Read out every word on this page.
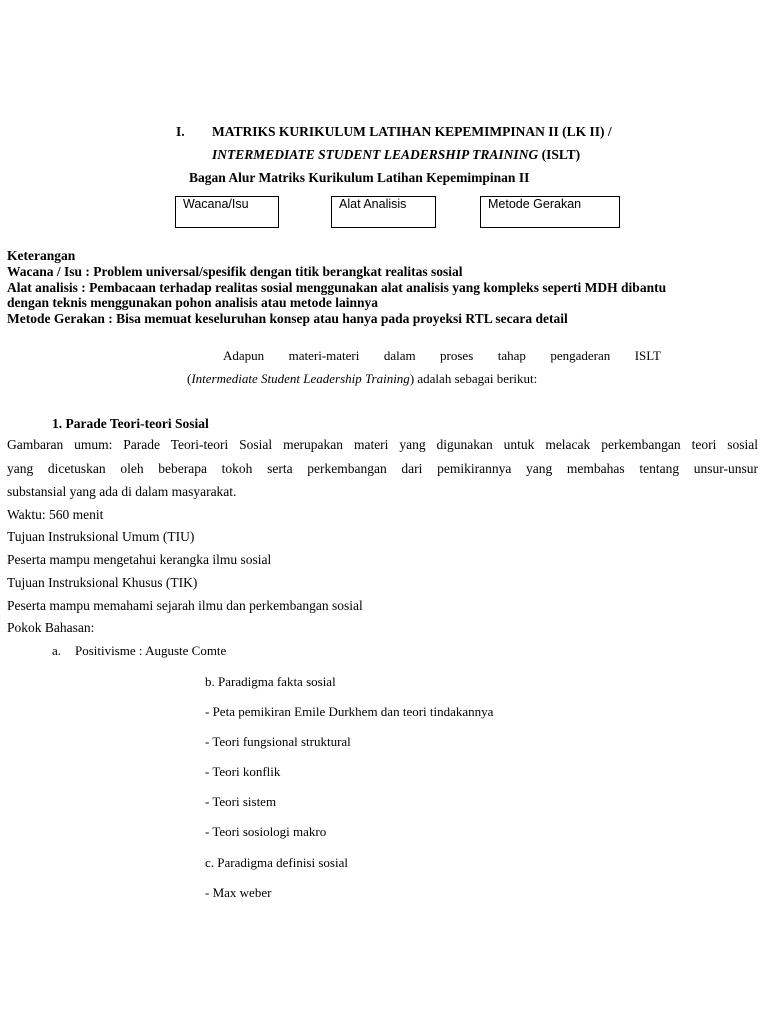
I. MATRIKS KURIKULUM LATIHAN KEPEMIMPINAN II (LK II) /
INTERMEDIATE STUDENT LEADERSHIP TRAINING (ISLT)
Bagan Alur Matriks Kurikulum Latihan Kepemimpinan II
Wacana/Isu	Alat Analisis	Metode Gerakan
Keterangan
Wacana / Isu : Problem universal/spesifik dengan titik berangkat realitas sosial
Alat analisis : Pembacaan terhadap realitas sosial menggunakan alat analisis yang kompleks seperti MDH dibantu
dengan teknis menggunakan pohon analisis atau metode lainnya
Metode Gerakan : Bisa memuat keseluruhan konsep atau hanya pada proyeksi RTL secara detail
Adapun materi-materi dalam proses tahap pengaderan ISLT
(Intermediate Student Leadership Training) adalah sebagai berikut:
1. Parade Teori-teori Sosial
Gambaran umum: Parade Teori-teori Sosial merupakan materi yang digunakan untuk melacak perkembangan teori sosial
yang dicetuskan oleh beberapa tokoh serta perkembangan dari pemikirannya yang membahas tentang unsur-unsur
substansial yang ada di dalam masyarakat.
Waktu: 560 menit
Tujuan Instruksional Umum (TIU)
Peserta mampu mengetahui kerangka ilmu sosial
Tujuan Instruksional Khusus (TIK)
Peserta mampu memahami sejarah ilmu dan perkembangan sosial
Pokok Bahasan:
a. Positivisme : Auguste Comte
b. Paradigma fakta sosial
- Peta pemikiran Emile Durkhem dan teori tindakannya
- Teori fungsional struktural
- Teori konflik
- Teori sistem
- Teori sosiologi makro
c. Paradigma definisi sosial
- Max weber
